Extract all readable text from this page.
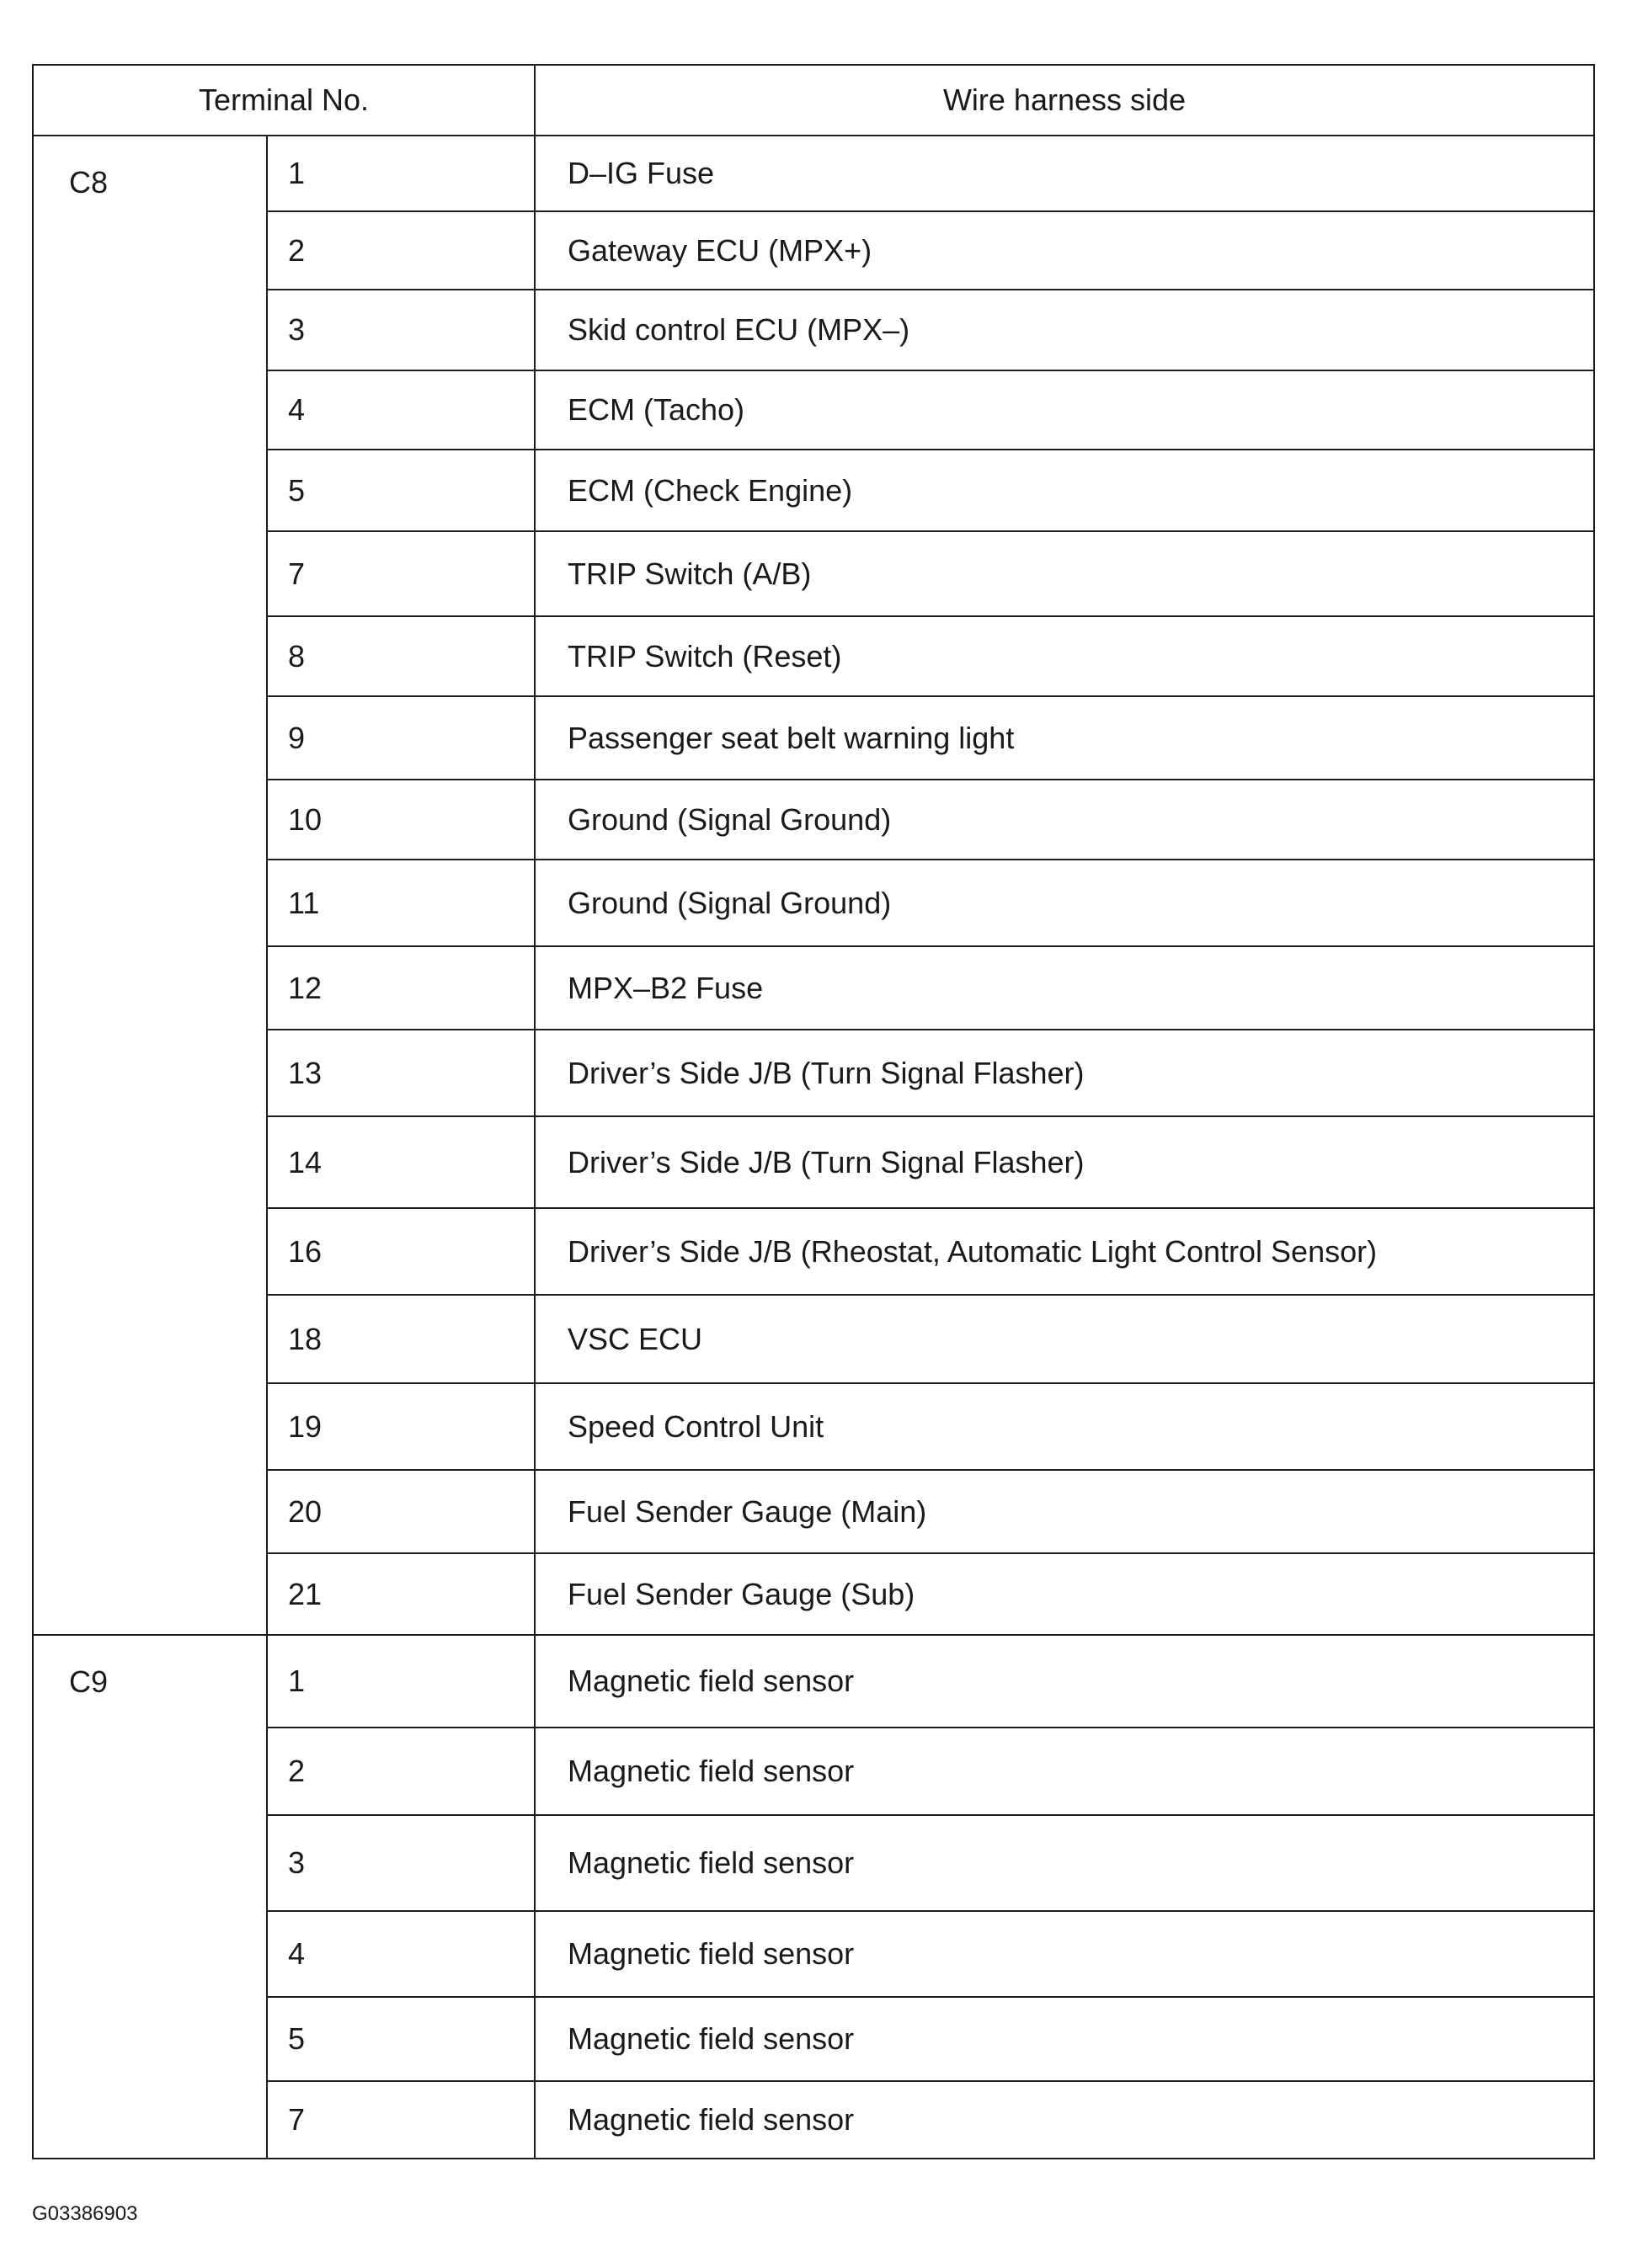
Terminal No.		Wire harness side
C8	1	D–IG Fuse
	2	Gateway ECU (MPX+)
	3	Skid control ECU (MPX–)
	4	ECM (Tacho)
	5	ECM (Check Engine)
	7	TRIP Switch (A/B)
	8	TRIP Switch (Reset)
	9	Passenger seat belt warning light
	10	Ground (Signal Ground)
	11	Ground (Signal Ground)
	12	MPX–B2 Fuse
	13	Driver’s Side J/B (Turn Signal Flasher)
	14	Driver’s Side J/B (Turn Signal Flasher)
	16	Driver’s Side J/B (Rheostat, Automatic Light Control Sensor)
	18	VSC ECU
	19	Speed Control Unit
	20	Fuel Sender Gauge (Main)
	21	Fuel Sender Gauge (Sub)
C9	1	Magnetic field sensor
	2	Magnetic field sensor
	3	Magnetic field sensor
	4	Magnetic field sensor
	5	Magnetic field sensor
	7	Magnetic field sensor
G03386903
